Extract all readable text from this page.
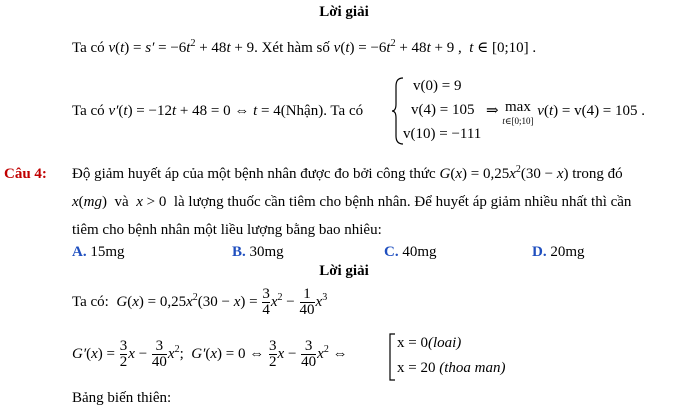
Lời giải
Ta có $v(t) = s' = -6t^2 + 48t + 9$. Xét hàm số $v(t) = -6t^2 + 48t + 9$ ,  t ∈ [0;10] .
Ta có v′(t) = −12t + 48 = 0 ⇔ t = 4(Nhận). Ta có
v(0) = 9
v(4) = 105
v(10) = −111
⇒ max
t∈[0;10] v(t) = v(4) = 105 .
Câu 4: Độ giảm huyết áp của một bệnh nhân được đo bởi công thức $G(x) = 0,25x^2(30 - x)$ trong đó
x(mg)  và x > 0  là lượng thuốc cần tiêm cho bệnh nhân. Để huyết áp giảm nhiều nhất thì cần
tiêm cho bệnh nhân một liều lượng bằng bao nhiêu:
A. 15mg	B. 30mg	C. 40mg	D. 20mg
Lời giải
Ta có: $G(x) = 0,25x^2(30 - x) = \frac{3}{4} x^2 - \frac{1}{40} x^3$
$G'(x) = \frac{3}{2}$ $x - \frac{3}{40} x^2$;  G′(x) = 0 ⇔ $\frac{3}{2}$ $x - \frac{3}{40} x^2$ ⇔
x = 0(loai)
x = 20 (thoa man)
Bảng biến thiên:
